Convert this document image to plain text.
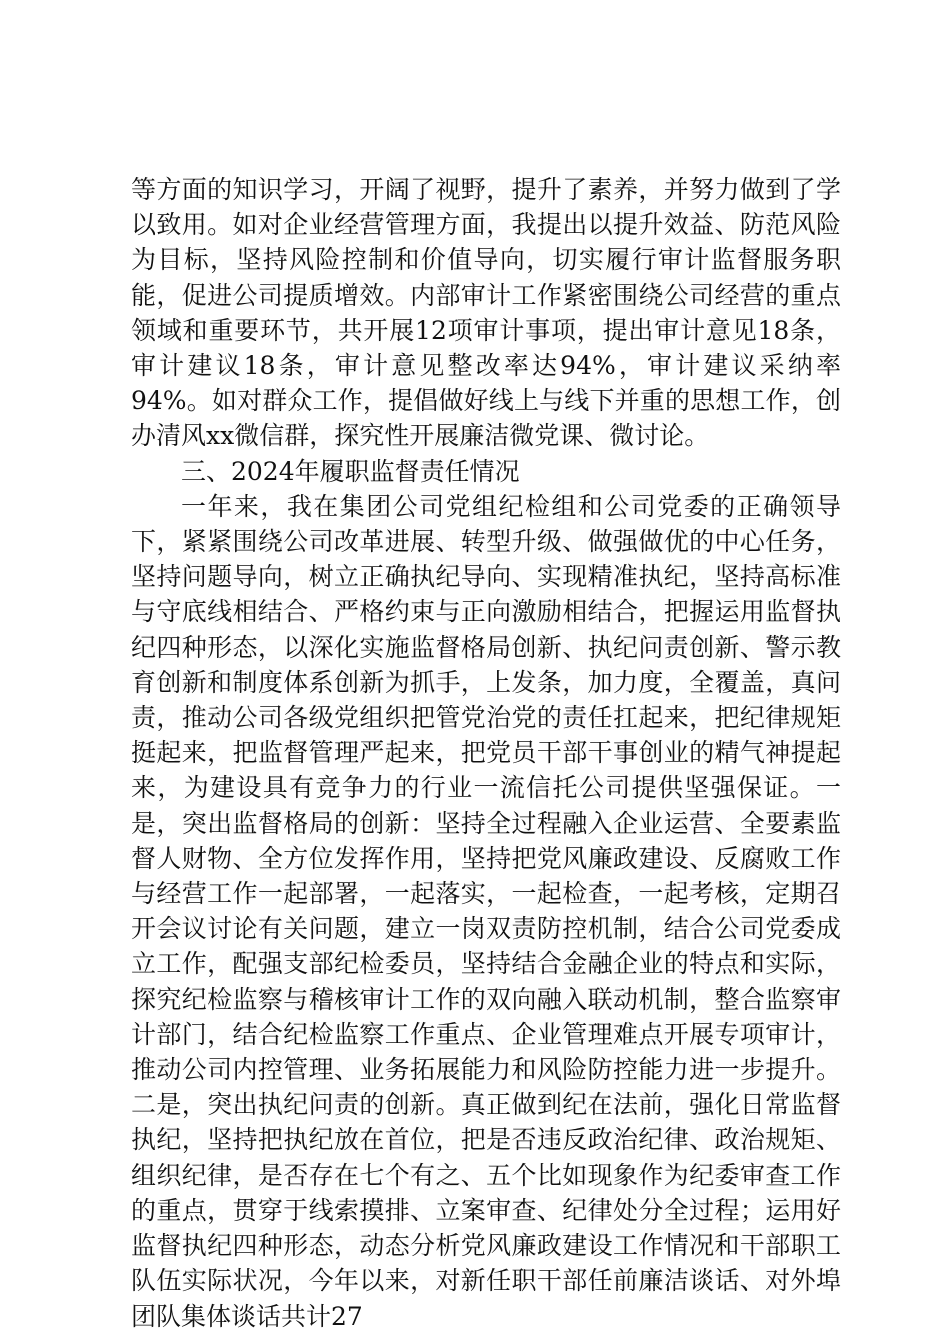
等方面的知识学习，开阔了视野，提升了素养，并努力做到了学以致用。如对企业经营管理方面，我提出以提升效益、防范风险为目标，坚持风险控制和价值导向，切实履行审计监督服务职能，促进公司提质增效。内部审计工作紧密围绕公司经营的重点领域和重要环节，共开展12项审计事项，提出审计意见18条，审计建议18条，审计意见整改率达94%，审计建议采纳率94%。如对群众工作，提倡做好线上与线下并重的思想工作，创办清风xx微信群，探究性开展廉洁微党课、微讨论。

三、2024年履职监督责任情况

一年来，我在集团公司党组纪检组和公司党委的正确领导下，紧紧围绕公司改革进展、转型升级、做强做优的中心任务，坚持问题导向，树立正确执纪导向、实现精准执纪，坚持高标准与守底线相结合、严格约束与正向激励相结合，把握运用监督执纪四种形态，以深化实施监督格局创新、执纪问责创新、警示教育创新和制度体系创新为抓手，上发条，加力度，全覆盖，真问责，推动公司各级党组织把管党治党的责任扛起来，把纪律规矩挺起来，把监督管理严起来，把党员干部干事创业的精气神提起来，为建设具有竞争力的行业一流信托公司提供坚强保证。一是，突出监督格局的创新：坚持全过程融入企业运营、全要素监督人财物、全方位发挥作用，坚持把党风廉政建设、反腐败工作与经营工作一起部署，一起落实，一起检查，一起考核，定期召开会议讨论有关问题，建立一岗双责防控机制，结合公司党委成立工作，配强支部纪检委员，坚持结合金融企业的特点和实际，探究纪检监察与稽核审计工作的双向融入联动机制，整合监察审计部门，结合纪检监察工作重点、企业管理难点开展专项审计，推动公司内控管理、业务拓展能力和风险防控能力进一步提升。二是，突出执纪问责的创新。真正做到纪在法前，强化日常监督执纪，坚持把执纪放在首位，把是否违反政治纪律、政治规矩、组织纪律，是否存在七个有之、五个比如现象作为纪委审查工作的重点，贯穿于线索摸排、立案审查、纪律处分全过程；运用好监督执纪四种形态，动态分析党风廉政建设工作情况和干部职工队伍实际状况，今年以来，对新任职干部任前廉洁谈话、对外埠团队集体谈话共计27
